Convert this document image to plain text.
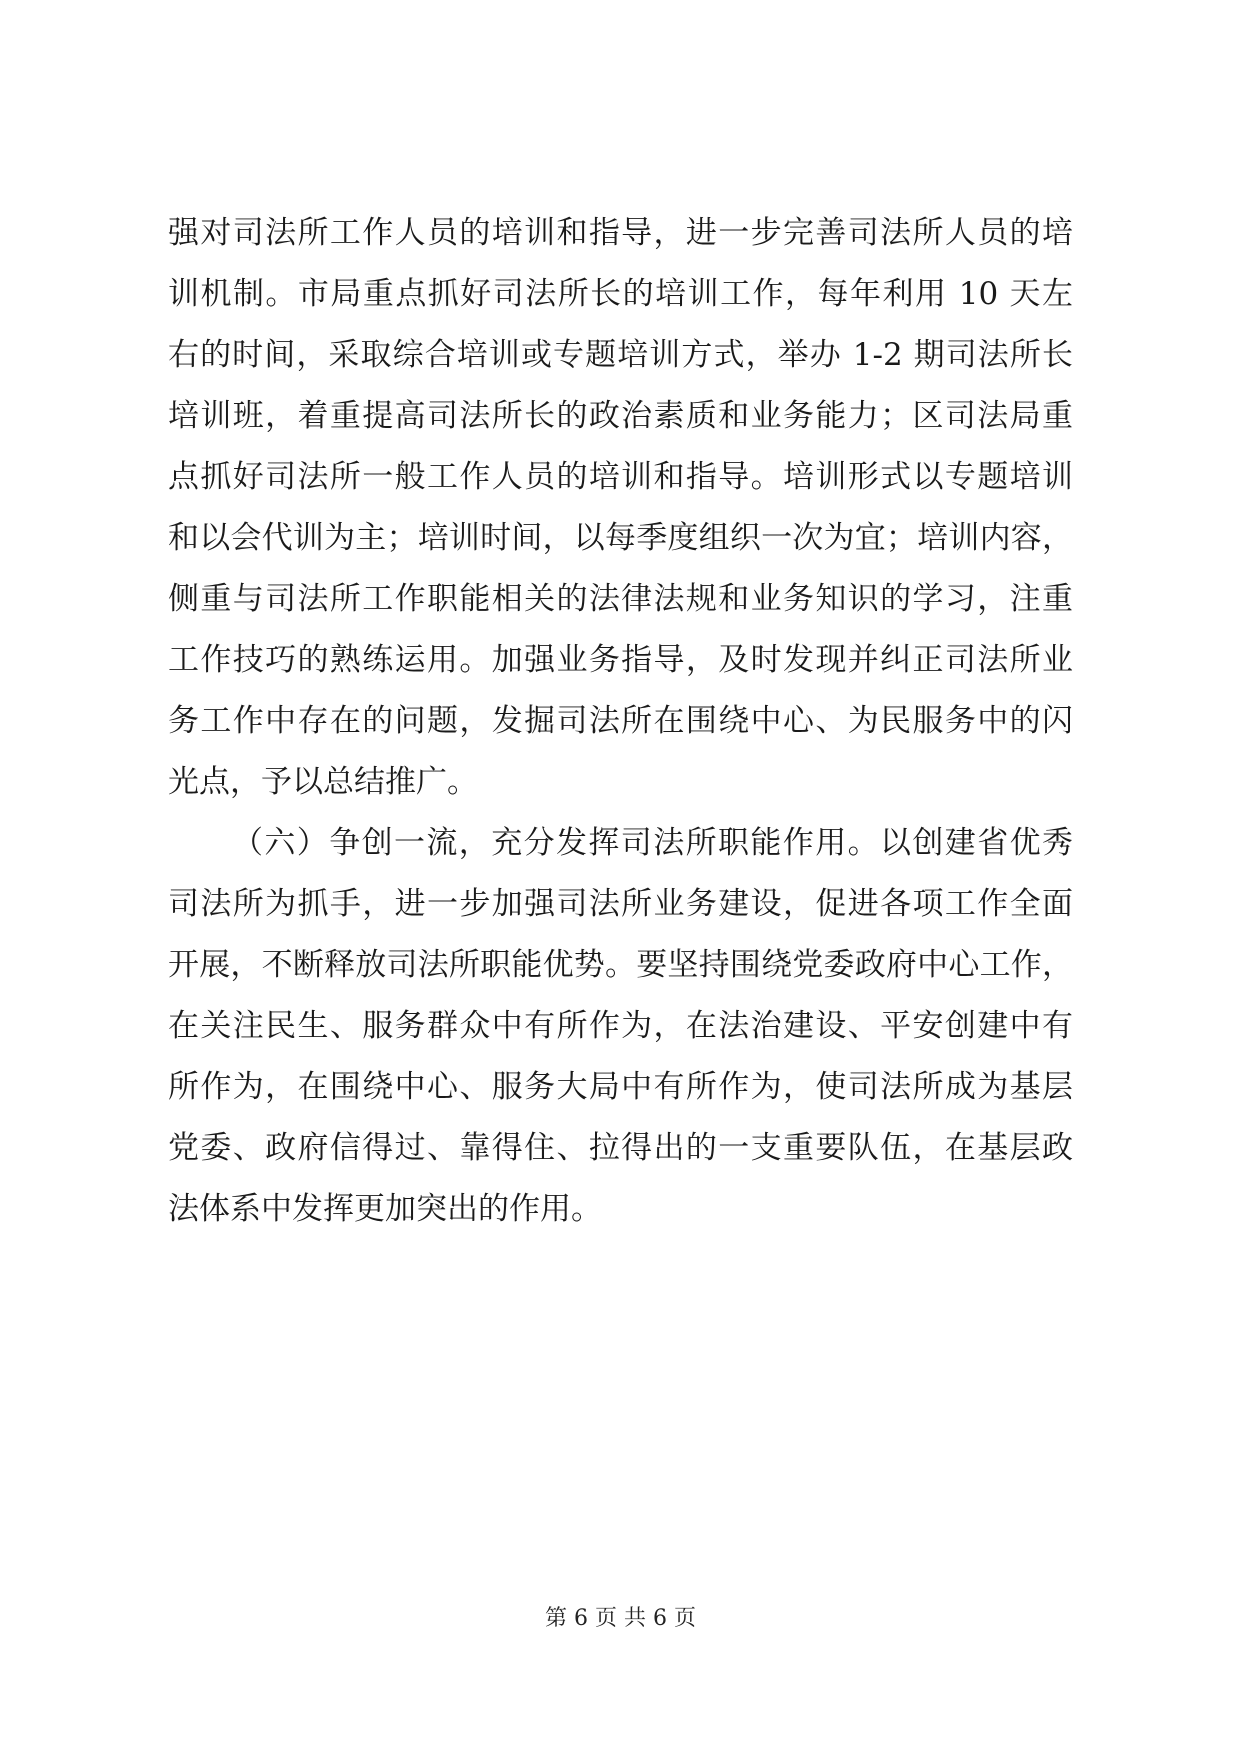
强对司法所工作人员的培训和指导，进一步完善司法所人员的培
训机制。市局重点抓好司法所长的培训工作，每年利用 10 天左
右的时间，采取综合培训或专题培训方式，举办 1-2 期司法所长
培训班，着重提高司法所长的政治素质和业务能力；区司法局重
点抓好司法所一般工作人员的培训和指导。培训形式以专题培训
和以会代训为主；培训时间，以每季度组织一次为宜；培训内容，
侧重与司法所工作职能相关的法律法规和业务知识的学习，注重
工作技巧的熟练运用。加强业务指导，及时发现并纠正司法所业
务工作中存在的问题，发掘司法所在围绕中心、为民服务中的闪
光点，予以总结推广。
（六）争创一流，充分发挥司法所职能作用。以创建省优秀
司法所为抓手，进一步加强司法所业务建设，促进各项工作全面
开展，不断释放司法所职能优势。要坚持围绕党委政府中心工作，
在关注民生、服务群众中有所作为，在法治建设、平安创建中有
所作为，在围绕中心、服务大局中有所作为，使司法所成为基层
党委、政府信得过、靠得住、拉得出的一支重要队伍，在基层政
法体系中发挥更加突出的作用。
第 6 页 共 6 页
